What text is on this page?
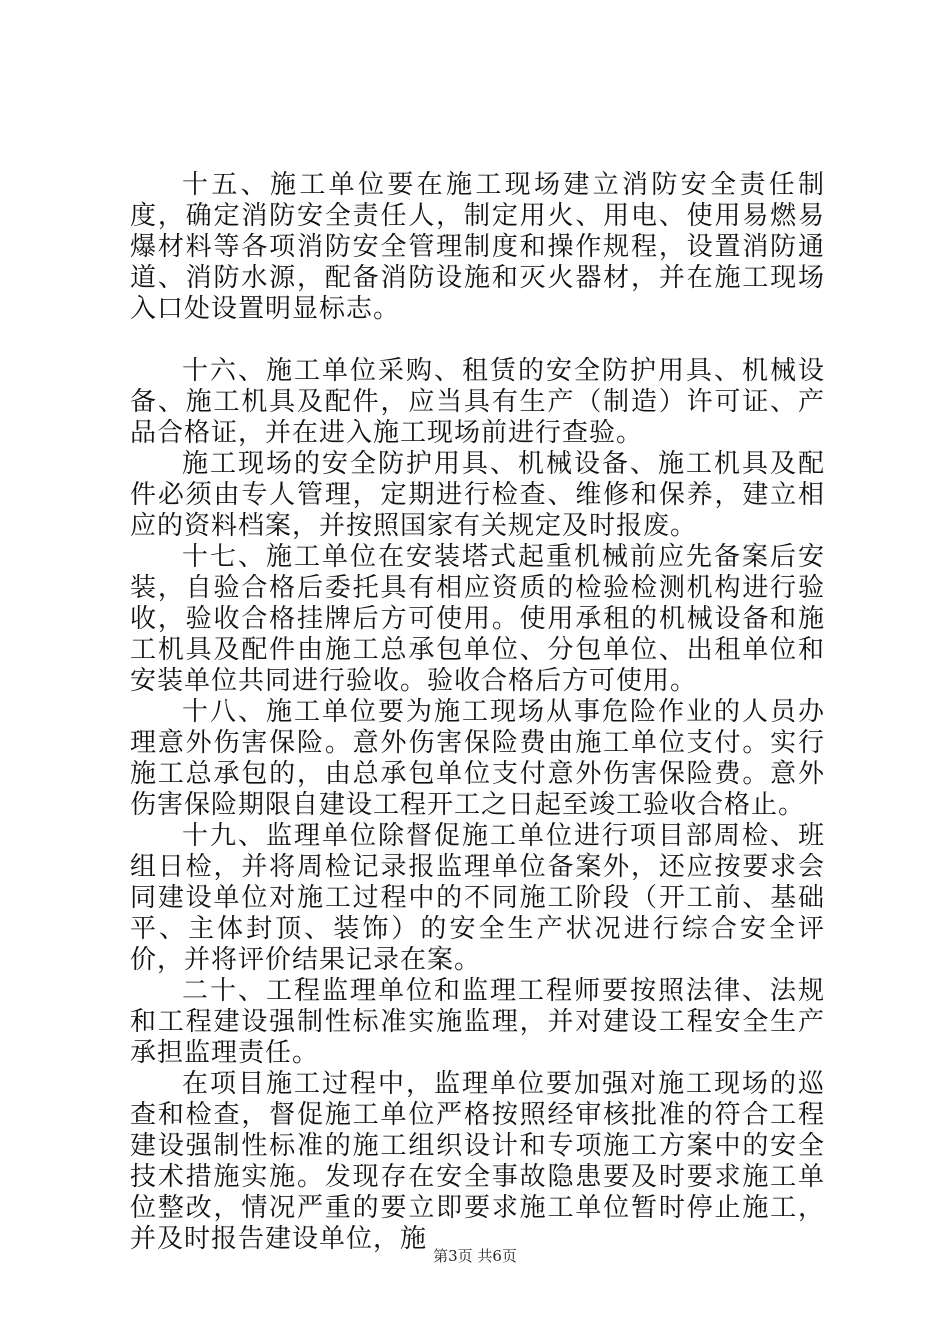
十五、施工单位要在施工现场建立消防安全责任制度，确定消防安全责任人，制定用火、用电、使用易燃易爆材料等各项消防安全管理制度和操作规程，设置消防通道、消防水源，配备消防设施和灭火器材，并在施工现场入口处设置明显标志。

十六、施工单位采购、租赁的安全防护用具、机械设备、施工机具及配件，应当具有生产（制造）许可证、产品合格证，并在进入施工现场前进行查验。

施工现场的安全防护用具、机械设备、施工机具及配件必须由专人管理，定期进行检查、维修和保养，建立相应的资料档案，并按照国家有关规定及时报废。

十七、施工单位在安装塔式起重机械前应先备案后安装，自验合格后委托具有相应资质的检验检测机构进行验收，验收合格挂牌后方可使用。使用承租的机械设备和施工机具及配件由施工总承包单位、分包单位、出租单位和安装单位共同进行验收。验收合格后方可使用。

十八、施工单位要为施工现场从事危险作业的人员办理意外伤害保险。意外伤害保险费由施工单位支付。实行施工总承包的，由总承包单位支付意外伤害保险费。意外伤害保险期限自建设工程开工之日起至竣工验收合格止。

十九、监理单位除督促施工单位进行项目部周检、班组日检，并将周检记录报监理单位备案外，还应按要求会同建设单位对施工过程中的不同施工阶段（开工前、基础平、主体封顶、装饰）的安全生产状况进行综合安全评价，并将评价结果记录在案。

二十、工程监理单位和监理工程师要按照法律、法规和工程建设强制性标准实施监理，并对建设工程安全生产承担监理责任。

在项目施工过程中，监理单位要加强对施工现场的巡查和检查，督促施工单位严格按照经审核批准的符合工程建设强制性标准的施工组织设计和专项施工方案中的安全技术措施实施。发现存在安全事故隐患要及时要求施工单位整改，情况严重的要立即要求施工单位暂时停止施工，并及时报告建设单位，施

第3页 共6页
